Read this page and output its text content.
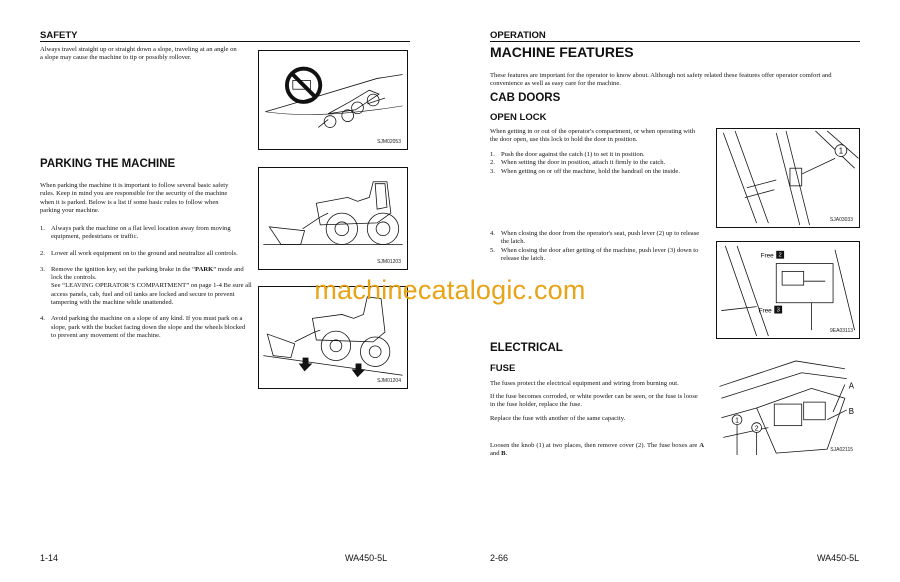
SAFETY
Always travel straight up or straight down a slope, traveling at an angle on a slope may cause the machine to tip or possibly rollover.
SJM02053
PARKING THE MACHINE
When parking the machine it is important to follow several basic safety rules. Keep in mind you are responsible for the security of the machine when it is parked. Below is a list if some basic rules to follow when parking your machine.
1. Always park the machine on a flat level location away from moving equipment, pedestrians or traffic.
2. Lower all work equipment on to the ground and neutralize all controls.
3. Remove the ignition key, set the parking brake in the “PARK” mode and lock the controls.
See “LEAVING OPERATOR’S COMPARTMENT” on page 1-4 Be sure all access panels, cab, fuel and oil tanks are locked and secure to prevent tampering with the machine while unattended.
4. Avoid parking the machine on a slope of any kind. If you must park on a slope, park with the bucket facing down the slope and the wheels blocked to prevent any movement of the machine.
SJM01203
SJM01204
1-14	WA450-5L
OPERATION
MACHINE FEATURES
These features are important for the operator to know about. Although not safety related these features offer operator comfort and convenience as well as easy care for the machine.
CAB DOORS
OPEN LOCK
When getting in or out of the operator's compartment, or when operating with the door open, use this lock to hold the door in position.
1. Push the door against the catch (1) to set it in position.
2. When setting the door in position, attach it firmly to the catch.
3. When getting on or off the machine, hold the handrail on the inside.
4. When closing the door from the operator's seat, push lever (2) up to release the latch.
5. When closing the door after getting of the machine, push lever (3) down to release the latch.
1
SJA03033
Free 2
Free 3
9EA03113
ELECTRICAL
FUSE
The fuses protect the electrical equipment and wiring from burning out.
If the fuse becomes corroded, or white powder can be seen, or the fuse is loose in the fuse holder, replace the fuse.
Replace the fuse with another of the same capacity.
Loosen the knob (1) at two places, then remove cover (2). The fuse boxes are A and B.
A
B
1
2
SJA02115
2-66	WA450-5L
machinecatalogic.com
